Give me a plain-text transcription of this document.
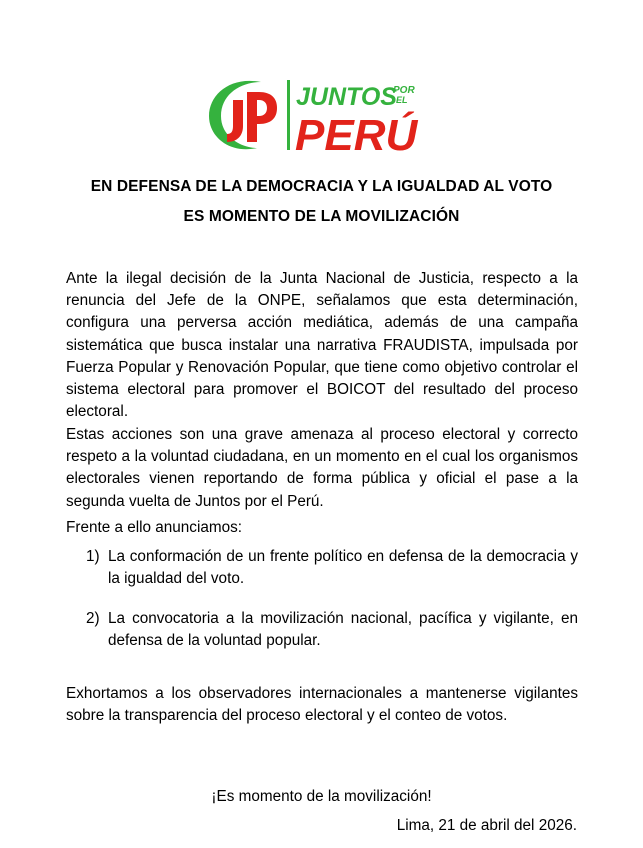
JUNTOS
POR
EL
PERÚ
EN DEFENSA DE LA DEMOCRACIA Y LA IGUALDAD AL VOTO
ES MOMENTO DE LA MOVILIZACIÓN

Ante la ilegal decisión de la Junta Nacional de Justicia, respecto a la renuncia del Jefe de la ONPE, señalamos que esta determinación, configura una perversa acción mediática, además de una campaña sistemática que busca instalar una narrativa FRAUDISTA, impulsada por Fuerza Popular y Renovación Popular, que tiene como objetivo controlar el sistema electoral para promover el BOICOT del resultado del proceso electoral.

Estas acciones son una grave amenaza al proceso electoral y correcto respeto a la voluntad ciudadana, en un momento en el cual los organismos electorales vienen reportando de forma pública y oficial el pase a la segunda vuelta de Juntos por el Perú.

Frente a ello anunciamos:

1) La conformación de un frente político en defensa de la democracia y la igualdad del voto.
2) La convocatoria a la movilización nacional, pacífica y vigilante, en defensa de la voluntad popular.

Exhortamos a los observadores internacionales a mantenerse vigilantes sobre la transparencia del proceso electoral y el conteo de votos.

¡Es momento de la movilización!
Lima, 21 de abril del 2026.
